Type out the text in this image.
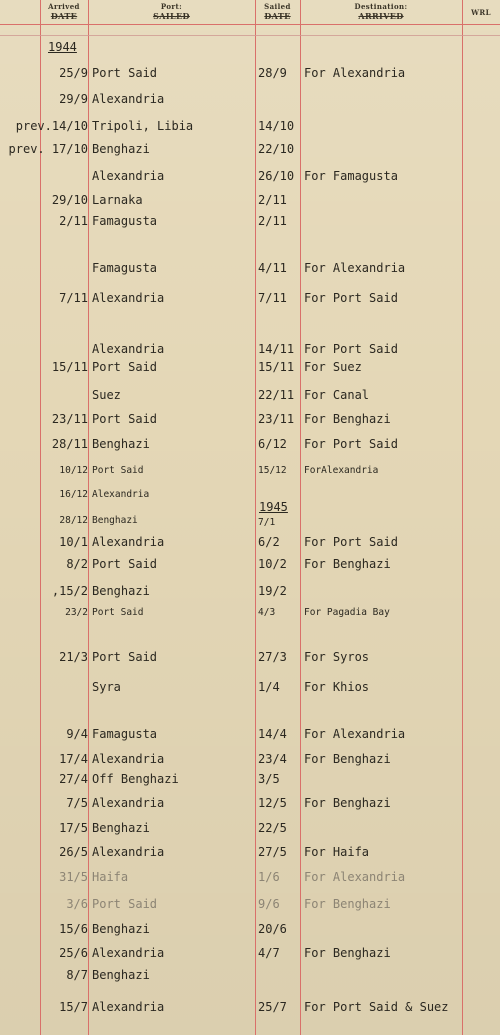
Arrived
DATE
Port:
SAILED
Sailed
DATE
Destination:
ARRIVED	WRL
1944
1945
25/9 Port Said	28/9	For Alexandria
29/9 Alexandria
prev.14/10 Tripoli, Libia	14/10
prev. 17/10 Benghazi	22/10
Alexandria	26/10 For Famagusta
29/10 Larnaka	2/11
2/11 Famagusta	2/11
Famagusta	4/11	For Alexandria
7/11 Alexandria	7/11	For Port Said
Alexandria	14/11 For Port Said
15/11 Port Said	15/11 For Suez
Suez	22/11 For Canal
23/11 Port Said	23/11 For Benghazi
28/11 Benghazi	6/12	For Port Said
10/12 Port Said	15/12	ForAlexandria
16/12 Alexandria
28/12 Benghazi	7/1
10/1 Alexandria	6/2	For Port Said
8/2 Port Said	10/2	For Benghazi
,15/2 Benghazi	19/2
23/2 Port Said	4/3	For Pagadia Bay
21/3 Port Said	27/3	For Syros
Syra	1/4	For Khios
9/4 Famagusta	14/4	For Alexandria
17/4 Alexandria	23/4	For Benghazi
27/4 Off Benghazi	3/5
7/5 Alexandria	12/5	For Benghazi
17/5 Benghazi	22/5
26/5 Alexandria	27/5	For Haifa
31/5 Haifa	1/6	For Alexandria
3/6 Port Said	9/6	For Benghazi
15/6 Benghazi	20/6
25/6 Alexandria	4/7	For Benghazi
8/7 Benghazi
15/7 Alexandria	25/7	For Port Said & Suez
